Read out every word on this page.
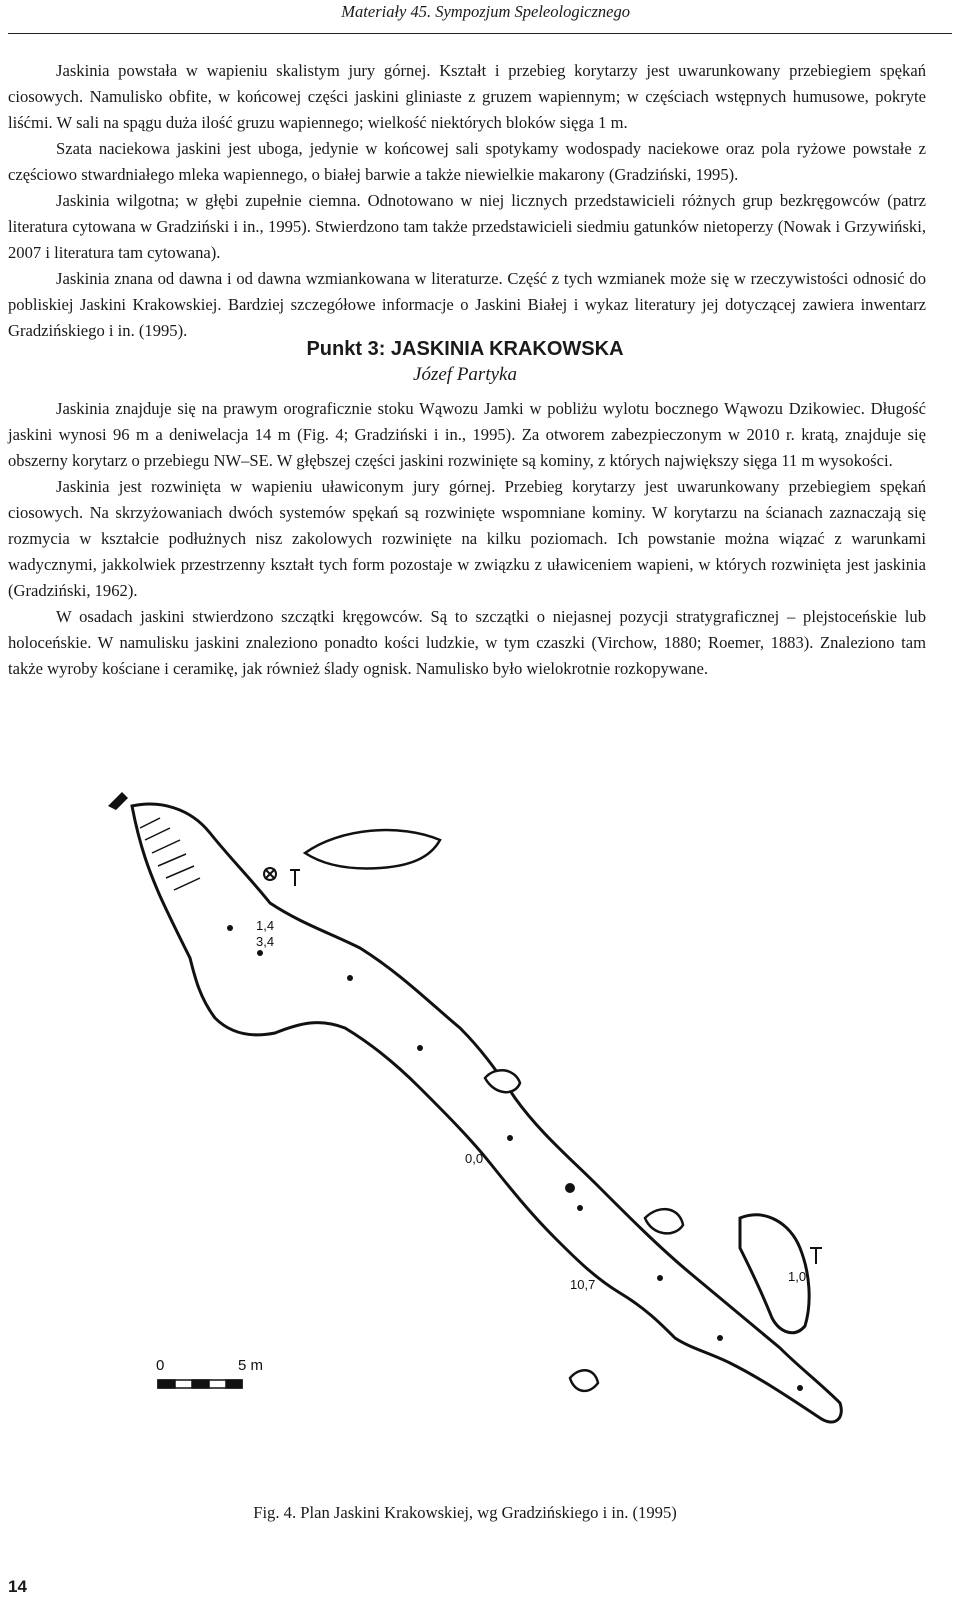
Materiały 45. Sympozjum Speleologicznego

Jaskinia powstała w wapieniu skalistym jury górnej. Kształt i przebieg korytarzy jest uwarunkowany przebiegiem spękań ciosowych. Namulisko obfite, w końcowej części jaskini gliniaste z gruzem wapiennym; w częściach wstępnych humusowe, pokryte liśćmi. W sali na spągu duża ilość gruzu wapiennego; wielkość niektórych bloków sięga 1 m.

Szata naciekowa jaskini jest uboga, jedynie w końcowej sali spotykamy wodospady naciekowe oraz pola ryżowe powstałe z częściowo stwardniałego mleka wapiennego, o białej barwie a także niewielkie makarony (Gradziński, 1995).

Jaskinia wilgotna; w głębi zupełnie ciemna. Odnotowano w niej licznych przedstawicieli różnych grup bezkręgowców (patrz literatura cytowana w Gradziński i in., 1995). Stwierdzono tam także przedstawicieli siedmiu gatunków nietoperzy (Nowak i Grzywiński, 2007 i literatura tam cytowana).

Jaskinia znana od dawna i od dawna wzmiankowana w literaturze. Część z tych wzmianek może się w rzeczywistości odnosić do pobliskiej Jaskini Krakowskiej. Bardziej szczegółowe informacje o Jaskini Białej i wykaz literatury jej dotyczącej zawiera inwentarz Gradzińskiego i in. (1995).

Punkt 3: JASKINIA KRAKOWSKA
Józef Partyka

Jaskinia znajduje się na prawym orograficznie stoku Wąwozu Jamki w pobliżu wylotu bocznego Wąwozu Dzikowiec. Długość jaskini wynosi 96 m a deniwelacja 14 m (Fig. 4; Gradziński i in., 1995). Za otworem zabezpieczonym w 2010 r. kratą, znajduje się obszerny korytarz o przebiegu NW–SE. W głębszej części jaskini rozwinięte są kominy, z których największy sięga 11 m wysokości.

Jaskinia jest rozwinięta w wapieniu uławiconym jury górnej. Przebieg korytarzy jest uwarunkowany przebiegiem spękań ciosowych. Na skrzyżowaniach dwóch systemów spękań są rozwinięte wspomniane kominy. W korytarzu na ścianach zaznaczają się rozmycia w kształcie podłużnych nisz zakolowych rozwinięte na kilku poziomach. Ich powstanie można wiązać z warunkami wadycznymi, jakkolwiek przestrzenny kształt tych form pozostaje w związku z uławiceniem wapieni, w których rozwinięta jest jaskinia (Gradziński, 1962).

W osadach jaskini stwierdzono szczątki kręgowców. Są to szczątki o niejasnej pozycji stratygraficznej – plejstoceńskie lub holoceńskie. W namulisku jaskini znaleziono ponadto kości ludzkie, w tym czaszki (Virchow, 1880; Roemer, 1883). Znaleziono tam także wyroby kościane i ceramikę, jak również ślady ognisk. Namulisko było wielokrotnie rozkopywane.

1,4
3,4
0,0
10,7
1,0
0	5 m
Fig. 4. Plan Jaskini Krakowskiej, wg Gradzińskiego i in. (1995)
14
